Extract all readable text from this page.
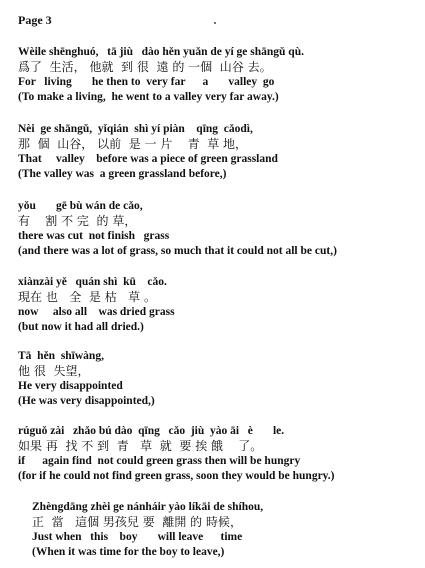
Page 3
Wèile shēnghuó,   tā jiù   dào hěn yuǎn de yí ge shāngǔ qù.
爲了  生活， 他就  到 很  遠 的 一個  山谷 去。
For   living       he then to  very far      a       valley  go
(To make a living,  he went to a valley very far away.)
Nèi  ge shāngǔ,  yǐqián  shì yí piàn    qīng  cǎodì,
那  個  山谷， 以前  是 一 片    青  草 地，
That     valley    before was a piece of green grassland
(The valley was  a green grassland before,)
yǒu       gē bù wán de cǎo,
有    割 不 完  的 草，
there was cut  not finish   grass
(and there was a lot of grass, so much that it could not all be cut,)
xiànzài yě   quán shì  kū    cǎo.
現在 也   全  是 枯   草 。
now     also all    was dried grass
(but now it had all dried.)
Tā  hěn  shīwàng,
他 很  失望，
He very disappointed
(He was very disappointed,)
rúguǒ zài   zhǎo bú dào  qīng   cǎo  jiù  yào āi   è       le.
如果 再  找 不 到  青   草  就  要 挨 餓    了。
if      again find  not could green grass then will be hungry
(for if he could not find green grass, soon they would be hungry.)
Zhèngdāng zhèi ge nánháir yào líkāi de shíhou,
正  當   這個 男孩兒 要  離開 的 時候，
Just when   this    boy       will leave      time
(When it was time for the boy to leave,)
